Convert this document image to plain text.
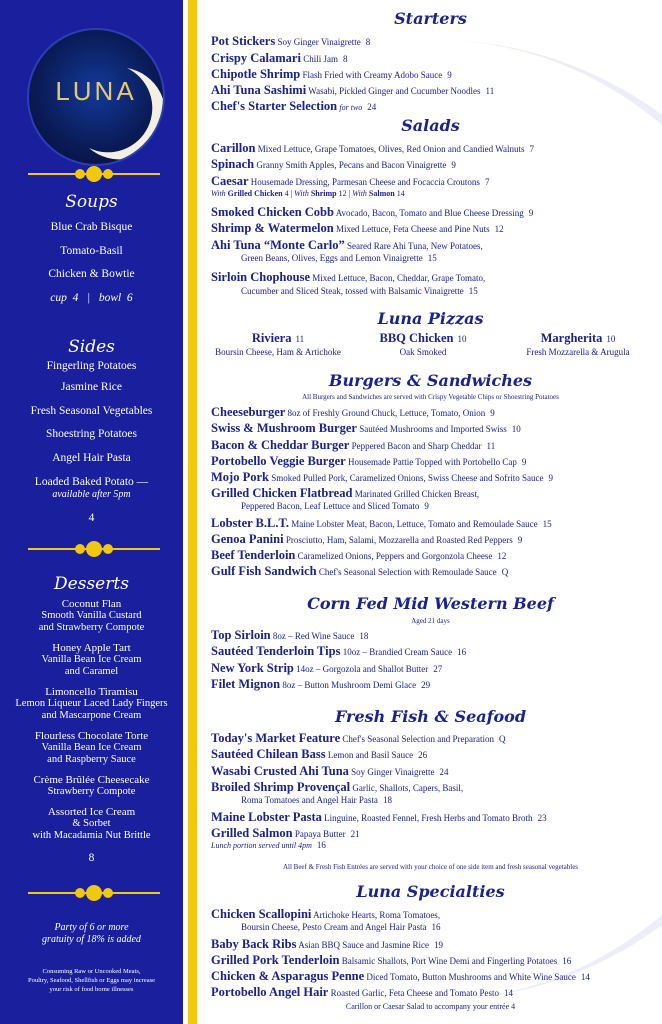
LUNA
Soups
Blue Crab Bisque
Tomato-Basil
Chicken & Bowtie
cup  4   |   bowl  6
Sides
Fingerling Potatoes
Jasmine Rice
Fresh Seasonal Vegetables
Shoestring Potatoes
Angel Hair Pasta
Loaded Baked Potato —
available after 5pm
4
Desserts
Coconut Flan
Smooth Vanilla Custard
and Strawberry Compote
Honey Apple Tart
Vanilla Bean Ice Cream
and Caramel
Limoncello Tiramisu
Lemon Liqueur Laced Lady Fingers
and Mascarpone Cream
Flourless Chocolate Torte
Vanilla Bean Ice Cream
and Raspberry Sauce
Crème Brûlée Cheesecake
Strawberry Compote
Assorted Ice Cream
& Sorbet
with Macadamia Nut Brittle
8
Party of 6 or more
gratuity of 18% is added
Consuming Raw or Uncooked Meats,
Poultry, Seafood, Shellfish or Eggs may increase
your risk of food borne illnesses
Starters
Pot Stickers Soy Ginger Vinaigrette 8
Crispy Calamari Chili Jam 8
Chipotle Shrimp Flash Fried with Creamy Adobo Sauce 9
Ahi Tuna Sashimi Wasabi, Pickled Ginger and Cucumber Noodles 11
Chef's Starter Selection for two 24
Salads
Carillon Mixed Lettuce, Grape Tomatoes, Olives, Red Onion and Candied Walnuts 7
Spinach Granny Smith Apples, Pecans and Bacon Vinaigrette 9
Caesar Housemade Dressing, Parmesan Cheese and Focaccia Croutons 7
With Grilled Chicken 4 | With Shrimp 12 | With Salmon 14
Smoked Chicken Cobb Avocado, Bacon, Tomato and Blue Cheese Dressing 9
Shrimp & Watermelon Mixed Lettuce, Feta Cheese and Pine Nuts 12
Ahi Tuna “Monte Carlo” Seared Rare Ahi Tuna, New Potatoes,
Green Beans, Olives, Eggs and Lemon Vinaigrette 15
Sirloin Chophouse Mixed Lettuce, Bacon, Cheddar, Grape Tomato,
Cucumber and Sliced Steak, tossed with Balsamic Vinaigrette 15
Luna Pizzas
Riviera 11
Boursin Cheese, Ham & Artichoke
BBQ Chicken 10
Oak Smoked
Margherita 10
Fresh Mozzarella & Arugula
Burgers & Sandwiches
All Burgers and Sandwiches are served with Crispy Vegetable Chips or Shoestring Potatoes
Cheeseburger 8oz of Freshly Ground Chuck, Lettuce, Tomato, Onion 9
Swiss & Mushroom Burger Sautéed Mushrooms and Imported Swiss 10
Bacon & Cheddar Burger Peppered Bacon and Sharp Cheddar 11
Portobello Veggie Burger Housemade Pattie Topped with Portobello Cap 9
Mojo Pork Smoked Pulled Pork, Caramelized Onions, Swiss Cheese and Sofrito Sauce 9
Grilled Chicken Flatbread Marinated Grilled Chicken Breast,
Peppered Bacon, Leaf Lettuce and Sliced Tomato 9
Lobster B.L.T. Maine Lobster Meat, Bacon, Lettuce, Tomato and Remoulade Sauce 15
Genoa Panini Prosciutto, Ham, Salami, Mozzarella and Roasted Red Peppers 9
Beef Tenderloin Caramelized Onions, Peppers and Gorgonzola Cheese 12
Gulf Fish Sandwich Chef's Seasonal Selection with Remoulade Sauce Q
Corn Fed Mid Western Beef
Aged 21 days
Top Sirloin 8oz – Red Wine Sauce 18
Sautéed Tenderloin Tips 10oz – Brandied Cream Sauce 16
New York Strip 14oz – Gorgozola and Shallot Butter 27
Filet Mignon 8oz – Button Mushroom Demi Glace 29
Fresh Fish & Seafood
Today's Market Feature Chef's Seasonal Selection and Preparation Q
Sautéed Chilean Bass Lemon and Basil Sauce 26
Wasabi Crusted Ahi Tuna Soy Ginger Vinaigrette 24
Broiled Shrimp Provençal Garlic, Shallots, Capers, Basil,
Roma Tomatoes and Angel Hair Pasta 18
Maine Lobster Pasta Linguine, Roasted Fennel, Fresh Herbs and Tomato Broth 23
Grilled Salmon Papaya Butter 21
Lunch portion served until 4pm 16
All Beef & Fresh Fish Entrées are served with your choice of one side item and fresh seasonal vegetables
Luna Specialties
Chicken Scallopini Artichoke Hearts, Roma Tomatoes,
Boursin Cheese, Pesto Cream and Angel Hair Pasta 16
Baby Back Ribs Asian BBQ Sauce and Jasmine Rice 19
Grilled Pork Tenderloin Balsamic Shallots, Port Wine Demi and Fingerling Potatoes 16
Chicken & Asparagus Penne Diced Tomato, Button Mushrooms and White Wine Sauce 14
Portobello Angel Hair Roasted Garlic, Feta Cheese and Tomato Pesto 14
Carillon or Caesar Salad to accompany your entrée 4
